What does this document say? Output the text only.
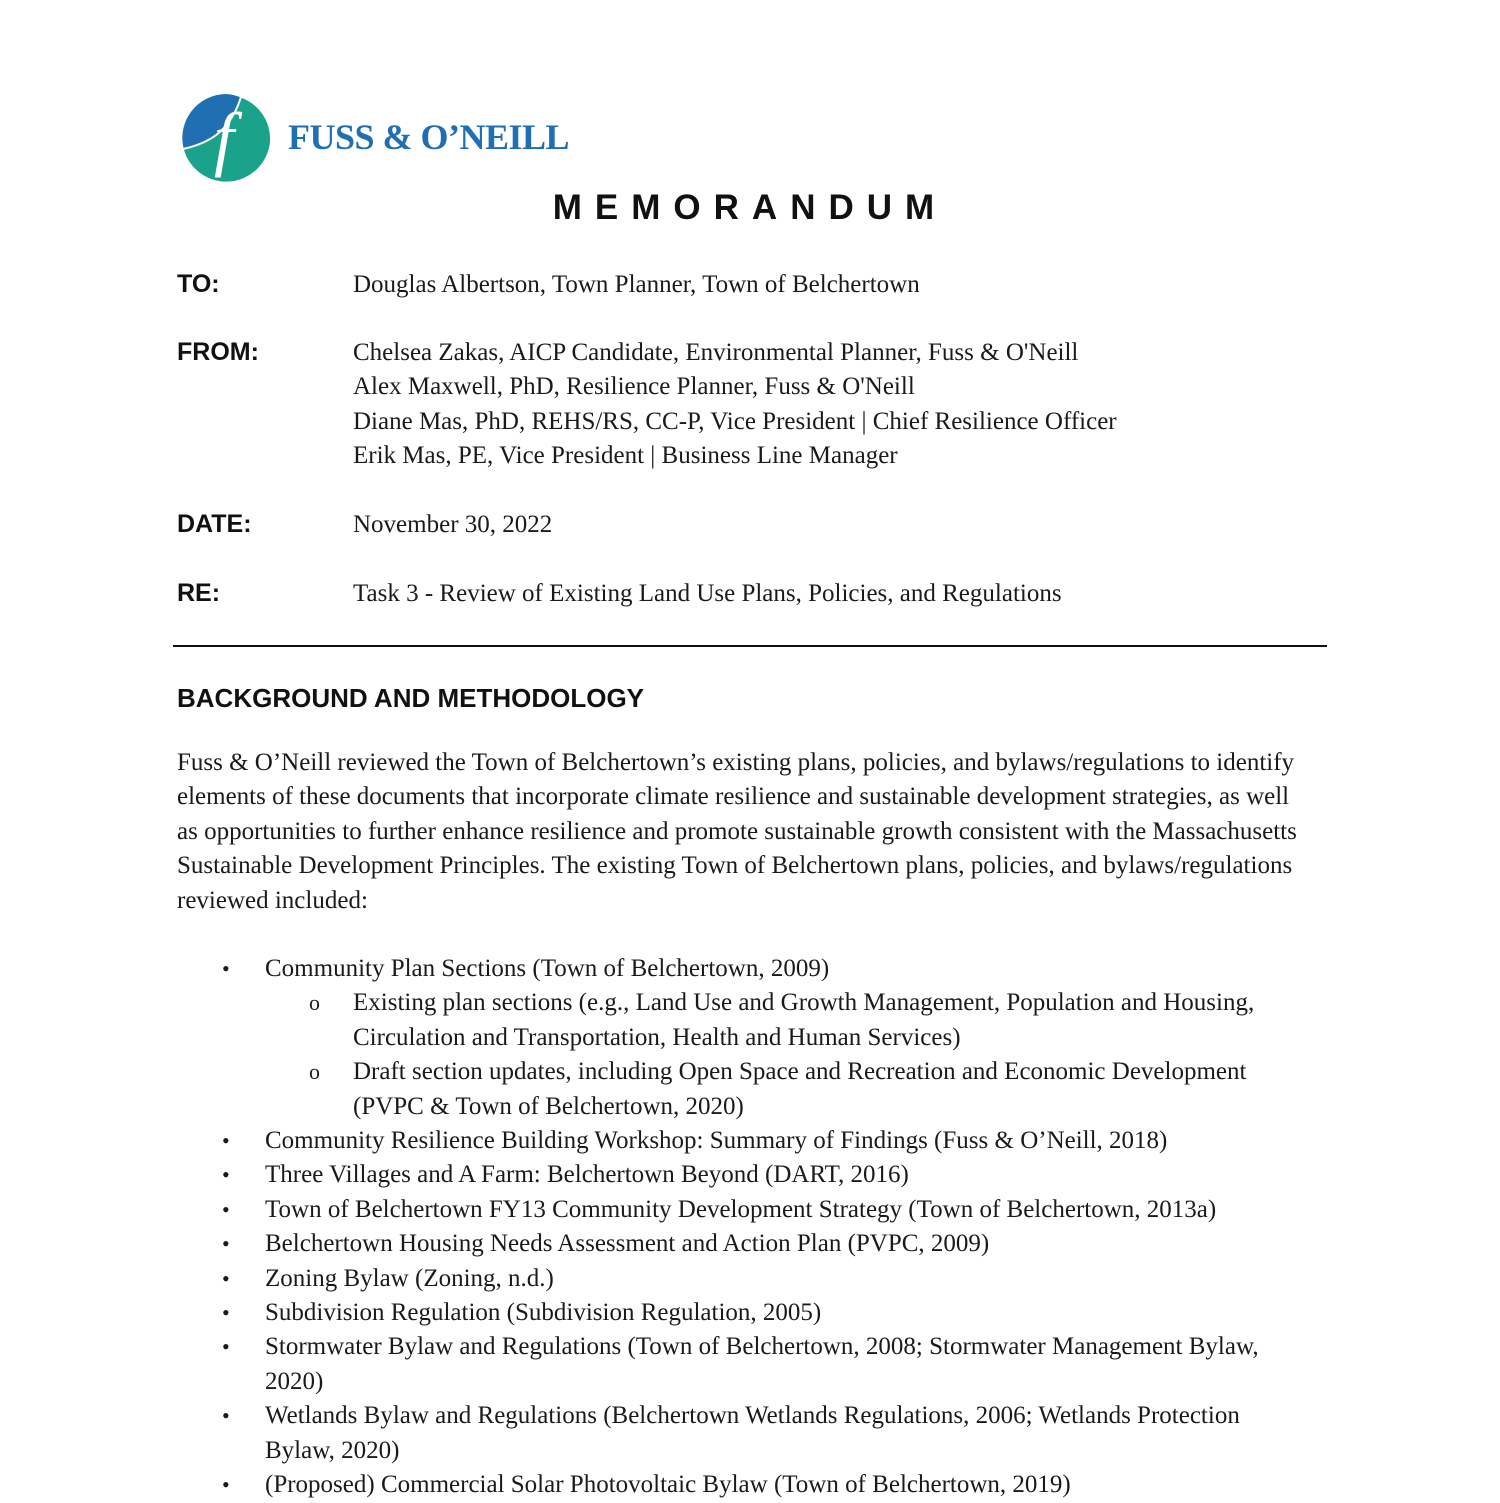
f FUSS & O’NEILL
MEMORANDUM
TO:	Douglas Albertson, Town Planner, Town of Belchertown
FROM:	Chelsea Zakas, AICP Candidate, Environmental Planner, Fuss & O'Neill
Alex Maxwell, PhD, Resilience Planner, Fuss & O'Neill
Diane Mas, PhD, REHS/RS, CC-P, Vice President | Chief Resilience Officer
Erik Mas, PE, Vice President | Business Line Manager
DATE:	November 30, 2022
RE:	Task 3 - Review of Existing Land Use Plans, Policies, and Regulations
BACKGROUND AND METHODOLOGY

Fuss & O’Neill reviewed the Town of Belchertown’s existing plans, policies, and bylaws/regulations to identify elements of these documents that incorporate climate resilience and sustainable development strategies, as well as opportunities to further enhance resilience and promote sustainable growth consistent with the Massachusetts Sustainable Development Principles. The existing Town of Belchertown plans, policies, and bylaws/regulations reviewed included:

• Community Plan Sections (Town of Belchertown, 2009)
o Existing plan sections (e.g., Land Use and Growth Management, Population and Housing, Circulation and Transportation, Health and Human Services)
o Draft section updates, including Open Space and Recreation and Economic Development (PVPC & Town of Belchertown, 2020)
• Community Resilience Building Workshop: Summary of Findings (Fuss & O’Neill, 2018)
• Three Villages and A Farm: Belchertown Beyond (DART, 2016)
• Town of Belchertown FY13 Community Development Strategy (Town of Belchertown, 2013a)
• Belchertown Housing Needs Assessment and Action Plan (PVPC, 2009)
• Zoning Bylaw (Zoning, n.d.)
• Subdivision Regulation (Subdivision Regulation, 2005)
• Stormwater Bylaw and Regulations (Town of Belchertown, 2008; Stormwater Management Bylaw, 2020)
• Wetlands Bylaw and Regulations (Belchertown Wetlands Regulations, 2006; Wetlands Protection Bylaw, 2020)
• (Proposed) Commercial Solar Photovoltaic Bylaw (Town of Belchertown, 2019)
